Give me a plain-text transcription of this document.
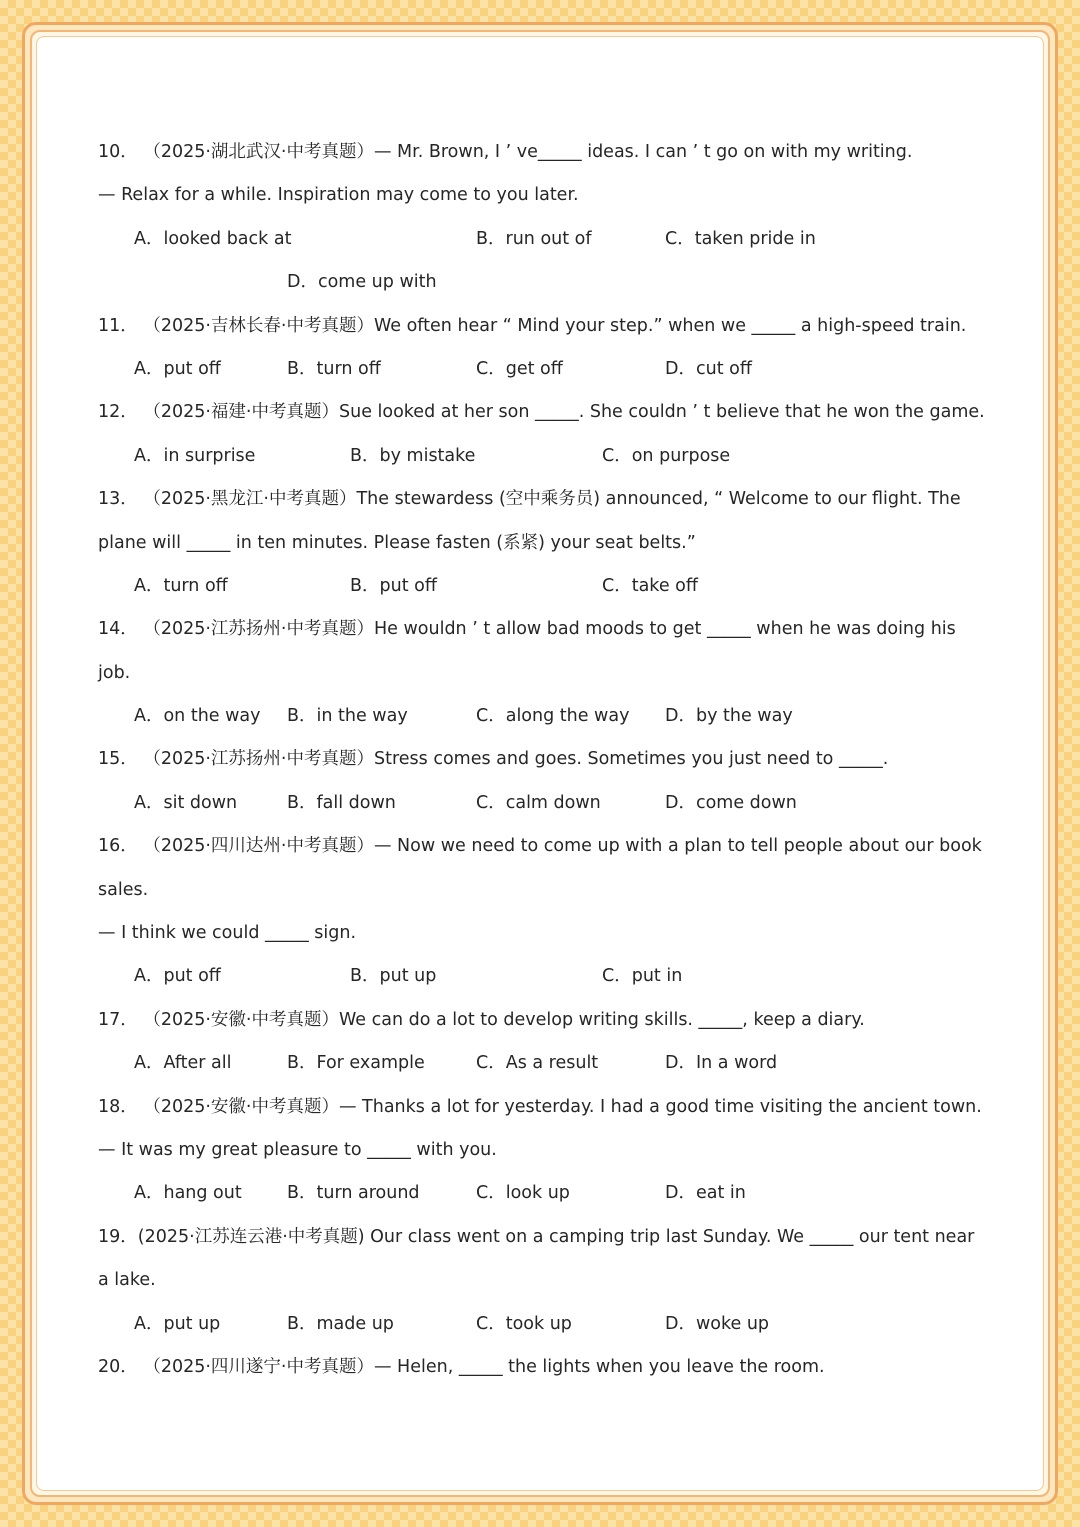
10． （2025·湖北武汉·中考真题）— Mr. Brown, I ’ ve_____ ideas. I can ’ t go on with my writing.
— Relax for a while. Inspiration may come to you later.
A．looked back at	B．run out of	C．taken pride in
D．come up with
11． （2025·吉林长春·中考真题）We often hear “ Mind your step.” when we _____ a high-speed train.
A．put off	B．turn off	C．get off	D．cut off
12． （2025·福建·中考真题）Sue looked at her son _____. She couldn ’ t believe that he won the game.
A．in surprise	B．by mistake	C．on purpose
13． （2025·黑龙江·中考真题）The stewardess (空中乘务员) announced, “ Welcome to our flight. The
plane will _____ in ten minutes. Please fasten (系紧) your seat belts.”
A．turn off	B．put off	C．take off
14． （2025·江苏扬州·中考真题）He wouldn ’ t allow bad moods to get _____ when he was doing his
job.
A．on the way B．in the way	C．along the way D．by the way
15． （2025·江苏扬州·中考真题）Stress comes and goes. Sometimes you just need to _____.
A．sit down	B．fall down	C．calm down	D．come down
16． （2025·四川达州·中考真题）— Now we need to come up with a plan to tell people about our book
sales.
— I think we could _____ sign.
A．put off	B．put up	C．put in
17． （2025·安徽·中考真题）We can do a lot to develop writing skills. _____, keep a diary.
A．After all	B．For example	C．As a result	D．In a word
18． （2025·安徽·中考真题）— Thanks a lot for yesterday. I had a good time visiting the ancient town.
— It was my great pleasure to _____ with you.
A．hang out	B．turn around	C．look up	D．eat in
19．(2025·江苏连云港·中考真题) Our class went on a camping trip last Sunday. We _____ our tent near
a lake.
A．put up	B．made up	C．took up	D．woke up
20． （2025·四川遂宁·中考真题）— Helen, _____ the lights when you leave the room.
